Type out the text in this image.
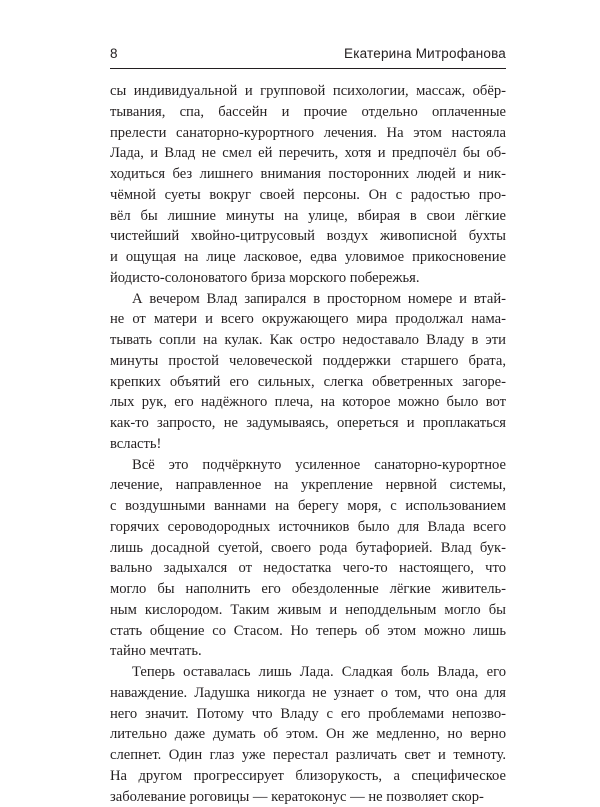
8	Екатерина Митрофанова
сы индивидуальной и групповой психологии, массаж, обёр-
тывания, спа, бассейн и прочие отдельно оплаченные
прелести санаторно-курортного лечения. На этом настояла
Лада, и Влад не смел ей перечить, хотя и предпочёл бы об-
ходиться без лишнего внимания посторонних людей и ник-
чёмной суеты вокруг своей персоны. Он с радостью про-
вёл бы лишние минуты на улице, вбирая в свои лёгкие
чистейший хвойно-цитрусовый воздух живописной бухты
и ощущая на лице ласковое, едва уловимое прикосновение
йодисто-солоноватого бриза морского побережья.
А вечером Влад запирался в просторном номере и втай-
не от матери и всего окружающего мира продолжал нама-
тывать сопли на кулак. Как остро недоставало Владу в эти
минуты простой человеческой поддержки старшего брата,
крепких объятий его сильных, слегка обветренных загоре-
лых рук, его надёжного плеча, на которое можно было вот
как-то запросто, не задумываясь, опереться и проплакаться
всласть!
Всё это подчёркнуто усиленное санаторно-курортное
лечение, направленное на укрепление нервной системы,
с воздушными ваннами на берегу моря, с использованием
горячих сероводородных источников было для Влада всего
лишь досадной суетой, своего рода бутафорией. Влад бук-
вально задыхался от недостатка чего-то настоящего, что
могло бы наполнить его обездоленные лёгкие живитель-
ным кислородом. Таким живым и неподдельным могло бы
стать общение со Стасом. Но теперь об этом можно лишь
тайно мечтать.
Теперь оставалась лишь Лада. Сладкая боль Влада, его
наваждение. Ладушка никогда не узнает о том, что она для
него значит. Потому что Владу с его проблемами непозво-
лительно даже думать об этом. Он же медленно, но верно
слепнет. Один глаз уже перестал различать свет и темноту.
На другом прогрессирует близорукость, а специфическое
заболевание роговицы — кератоконус — не позволяет скор-
